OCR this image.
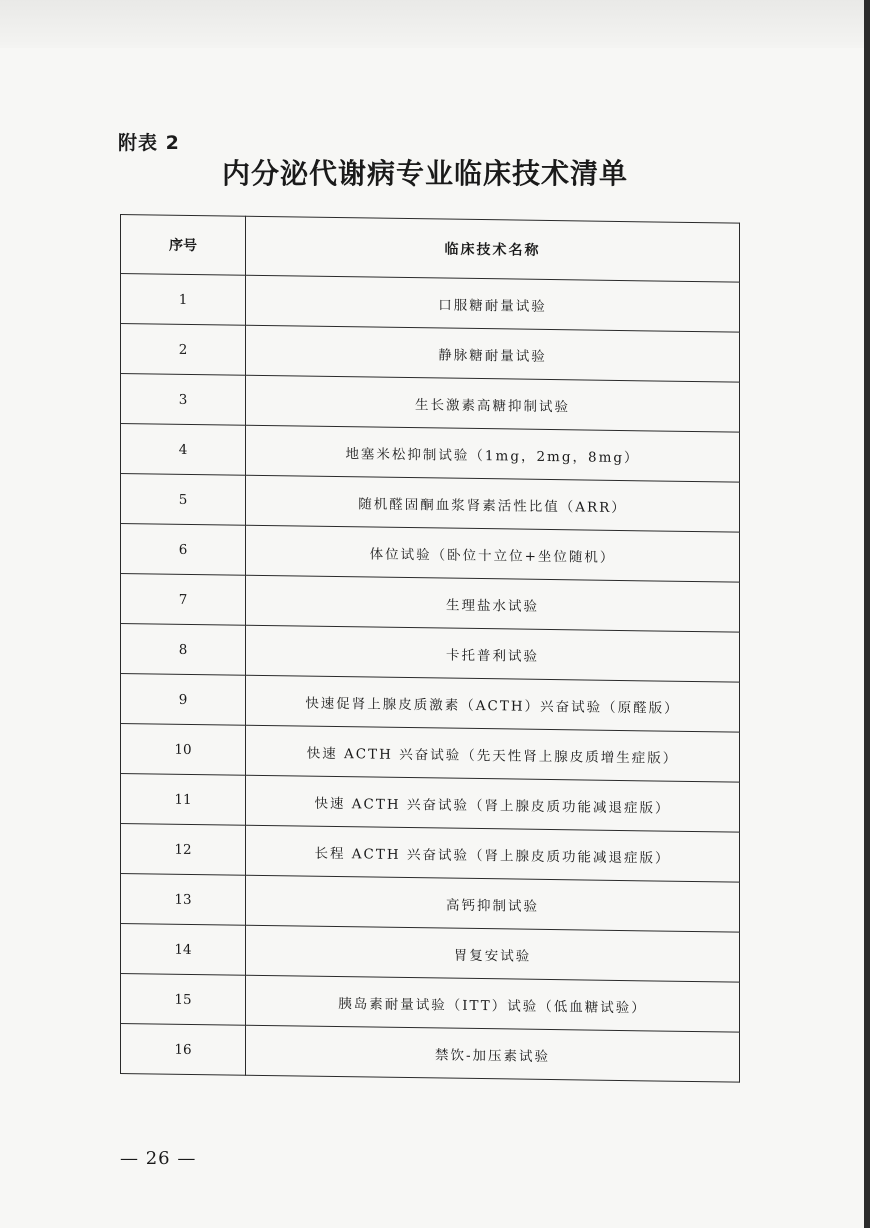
附表 2
内分泌代谢病专业临床技术清单
序号	临床技术名称
1	口服糖耐量试验
2	静脉糖耐量试验
3	生长激素高糖抑制试验
4	地塞米松抑制试验（1mg，2mg，8mg）
5	随机醛固酮血浆肾素活性比值（ARR）
6	体位试验（卧位十立位+坐位随机）
7	生理盐水试验
8	卡托普利试验
9	快速促肾上腺皮质激素（ACTH）兴奋试验（原醛版）
10	快速 ACTH 兴奋试验（先天性肾上腺皮质增生症版）
11	快速 ACTH 兴奋试验（肾上腺皮质功能减退症版）
12	长程 ACTH 兴奋试验（肾上腺皮质功能减退症版）
13	高钙抑制试验
14	胃复安试验
15	胰岛素耐量试验（ITT）试验（低血糖试验）
16	禁饮-加压素试验
— 26 —
